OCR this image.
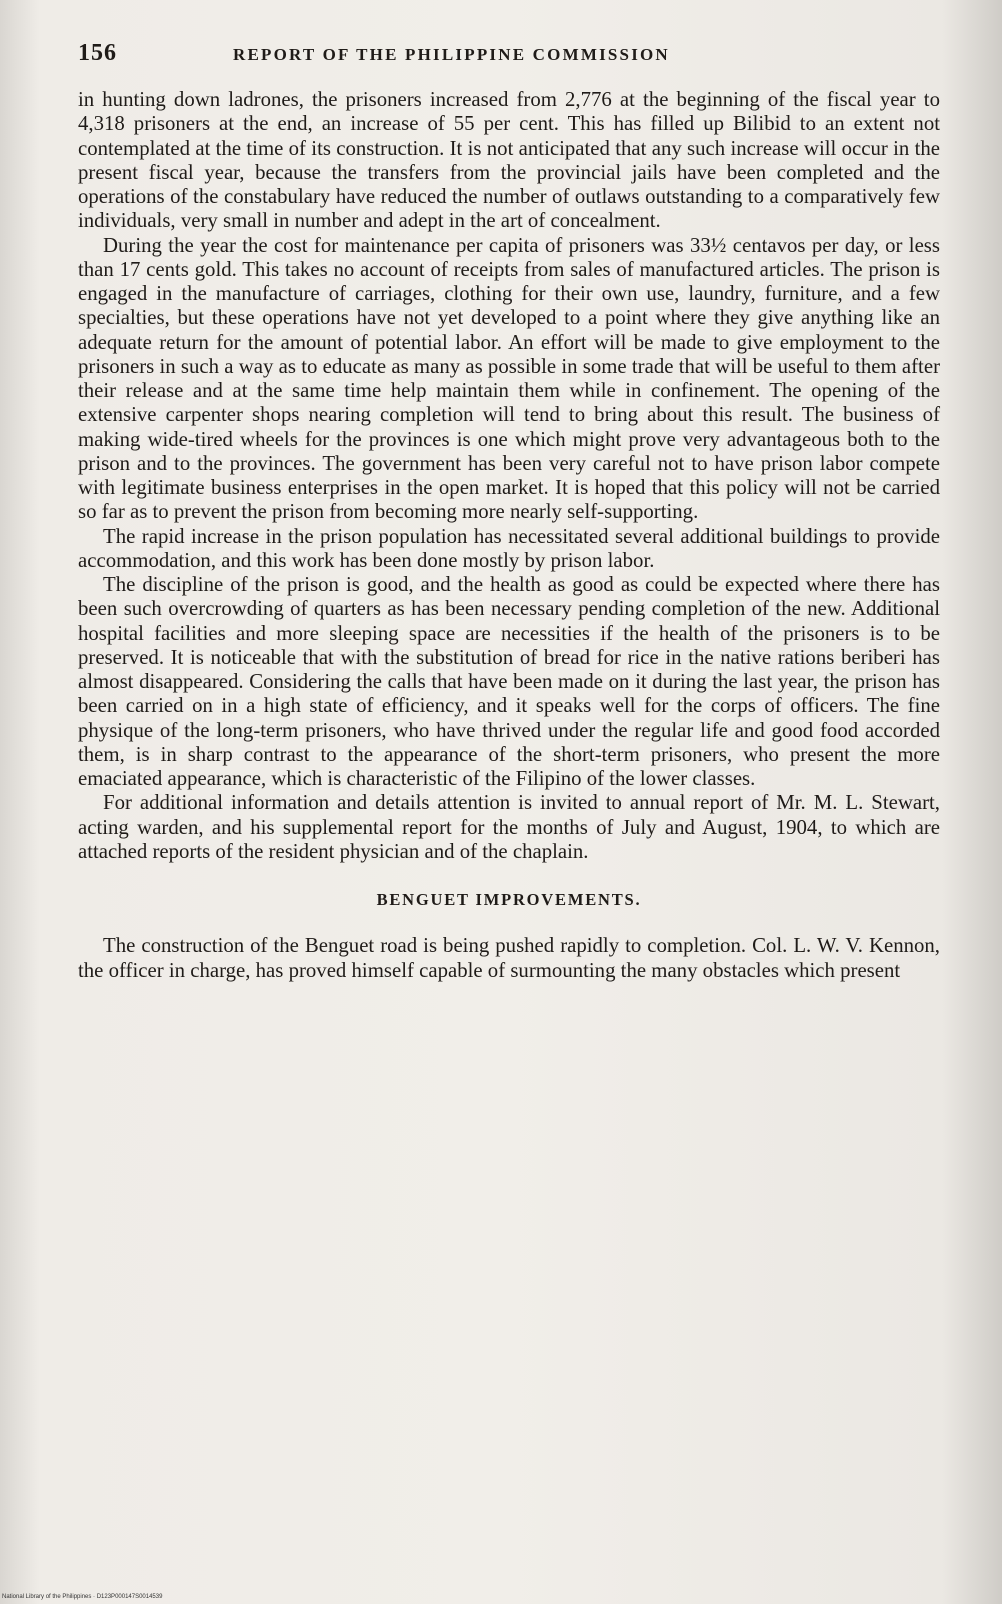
156	REPORT OF THE PHILIPPINE COMMISSION

in hunting down ladrones, the prisoners increased from 2,776 at the beginning of the fiscal year to 4,318 prisoners at the end, an increase of 55 per cent. This has filled up Bilibid to an extent not contemplated at the time of its construction. It is not anticipated that any such increase will occur in the present fiscal year, because the transfers from the provincial jails have been completed and the operations of the constabulary have reduced the number of outlaws outstanding to a comparatively few individuals, very small in number and adept in the art of concealment.

During the year the cost for maintenance per capita of prisoners was 33½ centavos per day, or less than 17 cents gold. This takes no account of receipts from sales of manufactured articles. The prison is engaged in the manufacture of carriages, clothing for their own use, laundry, furniture, and a few specialties, but these operations have not yet developed to a point where they give anything like an adequate return for the amount of potential labor. An effort will be made to give employment to the prisoners in such a way as to educate as many as possible in some trade that will be useful to them after their release and at the same time help maintain them while in confinement. The opening of the extensive carpenter shops nearing completion will tend to bring about this result. The business of making wide-tired wheels for the provinces is one which might prove very advantageous both to the prison and to the provinces. The government has been very careful not to have prison labor compete with legitimate business enterprises in the open market. It is hoped that this policy will not be carried so far as to prevent the prison from becoming more nearly self-supporting.

The rapid increase in the prison population has necessitated several additional buildings to provide accommodation, and this work has been done mostly by prison labor.

The discipline of the prison is good, and the health as good as could be expected where there has been such overcrowding of quarters as has been necessary pending completion of the new. Additional hospital facilities and more sleeping space are necessities if the health of the prisoners is to be preserved. It is noticeable that with the substitution of bread for rice in the native rations beriberi has almost disappeared. Considering the calls that have been made on it during the last year, the prison has been carried on in a high state of efficiency, and it speaks well for the corps of officers. The fine physique of the long-term prisoners, who have thrived under the regular life and good food accorded them, is in sharp contrast to the appearance of the short-term prisoners, who present the more emaciated appearance, which is characteristic of the Filipino of the lower classes.

For additional information and details attention is invited to annual report of Mr. M. L. Stewart, acting warden, and his supplemental report for the months of July and August, 1904, to which are attached reports of the resident physician and of the chaplain.

BENGUET IMPROVEMENTS.

The construction of the Benguet road is being pushed rapidly to completion. Col. L. W. V. Kennon, the officer in charge, has proved himself capable of surmounting the many obstacles which present

National Library of the Philippines · D123P000147S0014539
